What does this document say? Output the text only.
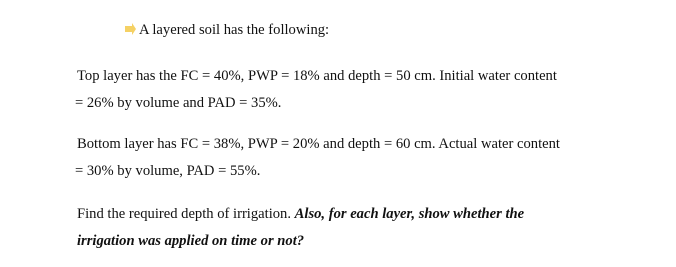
A layered soil has the following:
Top layer has the FC = 40%, PWP = 18% and depth = 50 cm. Initial water content
= 26% by volume and PAD = 35%.
Bottom layer has FC = 38%, PWP = 20% and depth = 60 cm. Actual water content
= 30% by volume, PAD = 55%.
Find the required depth of irrigation. Also, for each layer, show whether the
irrigation was applied on time or not?
